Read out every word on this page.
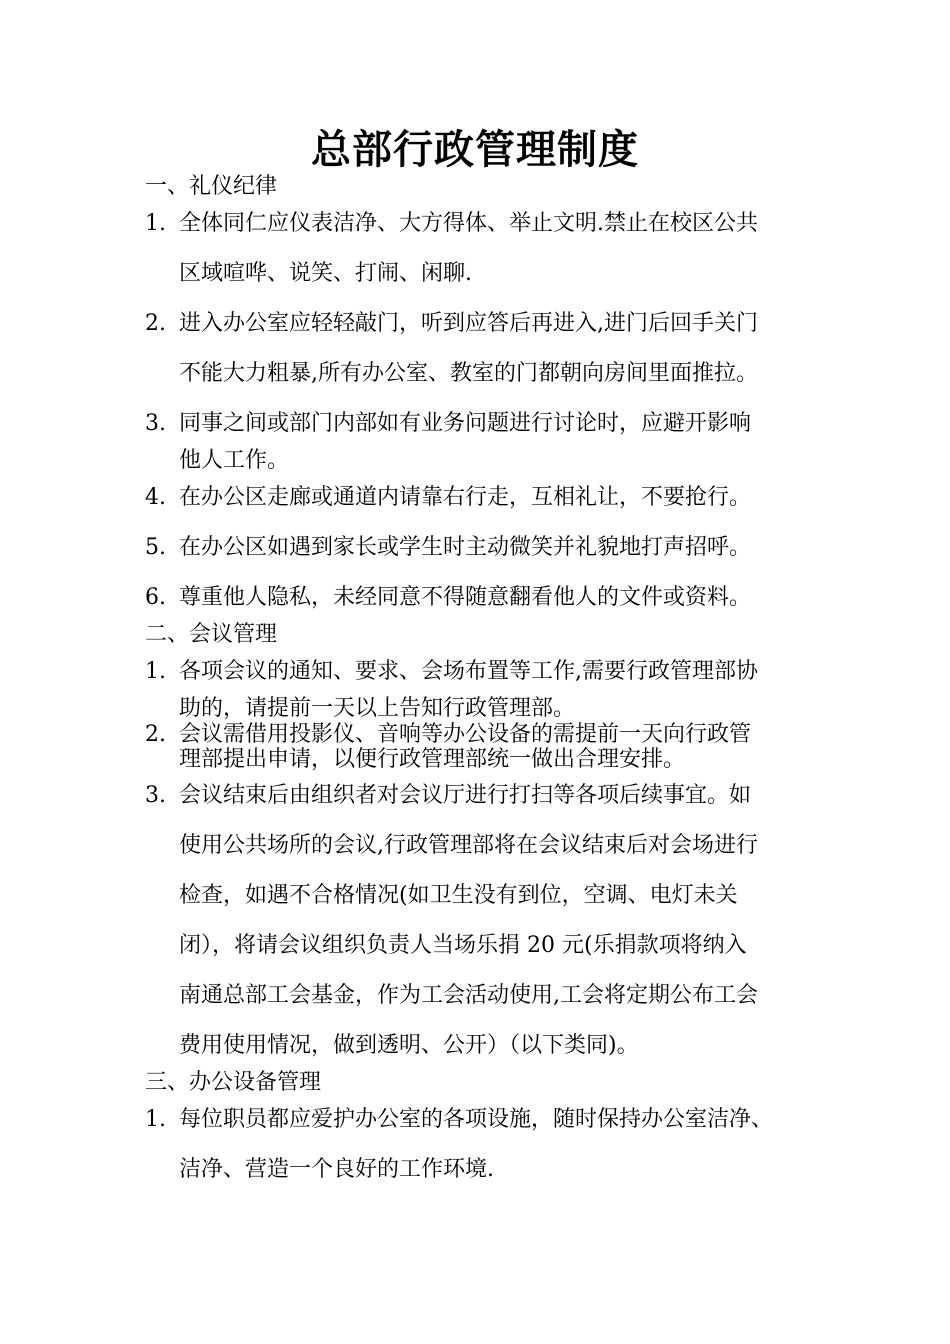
总部行政管理制度
一、礼仪纪律
1. 全体同仁应仪表洁净、大方得体、举止文明.禁止在校区公共
区域喧哗、说笑、打闹、闲聊.
2. 进入办公室应轻轻敲门，听到应答后再进入,进门后回手关门
不能大力粗暴,所有办公室、教室的门都朝向房间里面推拉。
3. 同事之间或部门内部如有业务问题进行讨论时，应避开影响
他人工作。
4. 在办公区走廊或通道内请靠右行走，互相礼让，不要抢行。
5. 在办公区如遇到家长或学生时主动微笑并礼貌地打声招呼。
6. 尊重他人隐私，未经同意不得随意翻看他人的文件或资料。
二、会议管理
1. 各项会议的通知、要求、会场布置等工作,需要行政管理部协
助的，请提前一天以上告知行政管理部。
2. 会议需借用投影仪、音响等办公设备的需提前一天向行政管
理部提出申请，以便行政管理部统一做出合理安排。
3. 会议结束后由组织者对会议厅进行打扫等各项后续事宜。如
使用公共场所的会议,行政管理部将在会议结束后对会场进行
检查，如遇不合格情况(如卫生没有到位，空调、电灯未关
闭），将请会议组织负责人当场乐捐 20 元(乐捐款项将纳入
南通总部工会基金，作为工会活动使用,工会将定期公布工会
费用使用情况，做到透明、公开）（以下类同)。
三、办公设备管理
1. 每位职员都应爱护办公室的各项设施，随时保持办公室洁净、
洁净、营造一个良好的工作环境.
